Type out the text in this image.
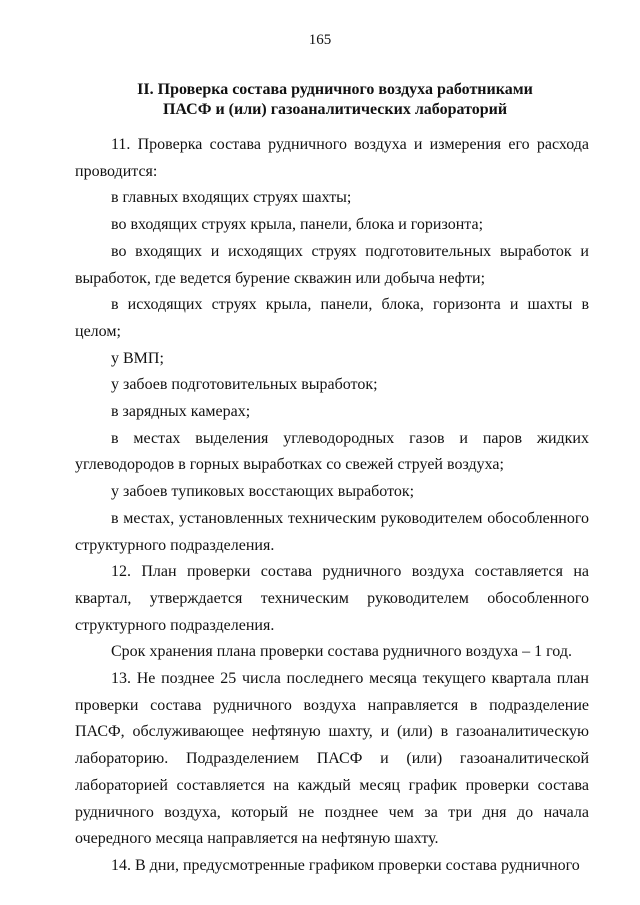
165
II. Проверка состава рудничного воздуха работниками
ПАСФ и (или) газоаналитических лабораторий

11. Проверка состава рудничного воздуха и измерения его расхода проводится:

в главных входящих струях шахты;

во входящих струях крыла, панели, блока и горизонта;

во входящих и исходящих струях подготовительных выработок и выработок, где ведется бурение скважин или добыча нефти;

в исходящих струях крыла, панели, блока, горизонта и шахты в целом;

у ВМП;

у забоев подготовительных выработок;

в зарядных камерах;

в местах выделения углеводородных газов и паров жидких углеводородов в горных выработках со свежей струей воздуха;

у забоев тупиковых восстающих выработок;

в местах, установленных техническим руководителем обособленного структурного подразделения.

12. План проверки состава рудничного воздуха составляется на квартал, утверждается техническим руководителем обособленного структурного подразделения.

Срок хранения плана проверки состава рудничного воздуха – 1 год.

13. Не позднее 25 числа последнего месяца текущего квартала план проверки состава рудничного воздуха направляется в подразделение ПАСФ, обслуживающее нефтяную шахту, и (или) в газоаналитическую лабораторию. Подразделением ПАСФ и (или) газоаналитической лабораторией составляется на каждый месяц график проверки состава рудничного воздуха, который не позднее чем за три дня до начала очередного месяца направляется на нефтяную шахту.

14. В дни, предусмотренные графиком проверки состава рудничного
